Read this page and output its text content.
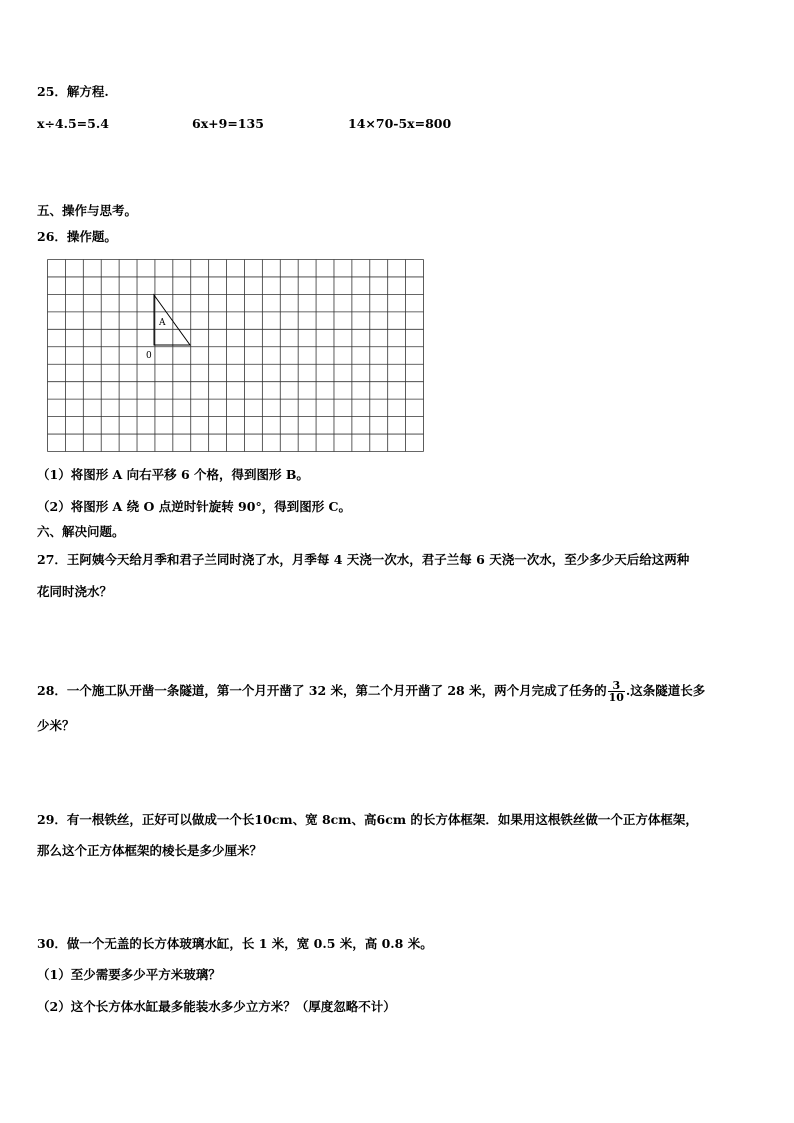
25．解方程.
x÷4.5=5.4	6x+9=135	14×70-5x=800
五、操作与思考。
26．操作题。
A
0
（1）将图形 A 向右平移 6 个格，得到图形 B。
（2）将图形 A 绕 O 点逆时针旋转 90°，得到图形 C。
六、解决问题。
27．王阿姨今天给月季和君子兰同时浇了水，月季每 4 天浇一次水，君子兰每 6 天浇一次水，至少多少天后给这两种
花同时浇水？
28．一个施工队开凿一条隧道，第一个月开凿了 32 米，第二个月开凿了 28 米，两个月完成了任务的 $\frac{3}{10}$ .这条隧道长多
少米？
29．有一根铁丝，正好可以做成一个长10cm、宽 8cm、高6cm 的长方体框架．如果用这根铁丝做一个正方体框架，
那么这个正方体框架的棱长是多少厘米？
30．做一个无盖的长方体玻璃水缸，长 1 米，宽 0.5 米，高 0.8 米。
（1）至少需要多少平方米玻璃？
（2）这个长方体水缸最多能装水多少立方米？（厚度忽略不计）
